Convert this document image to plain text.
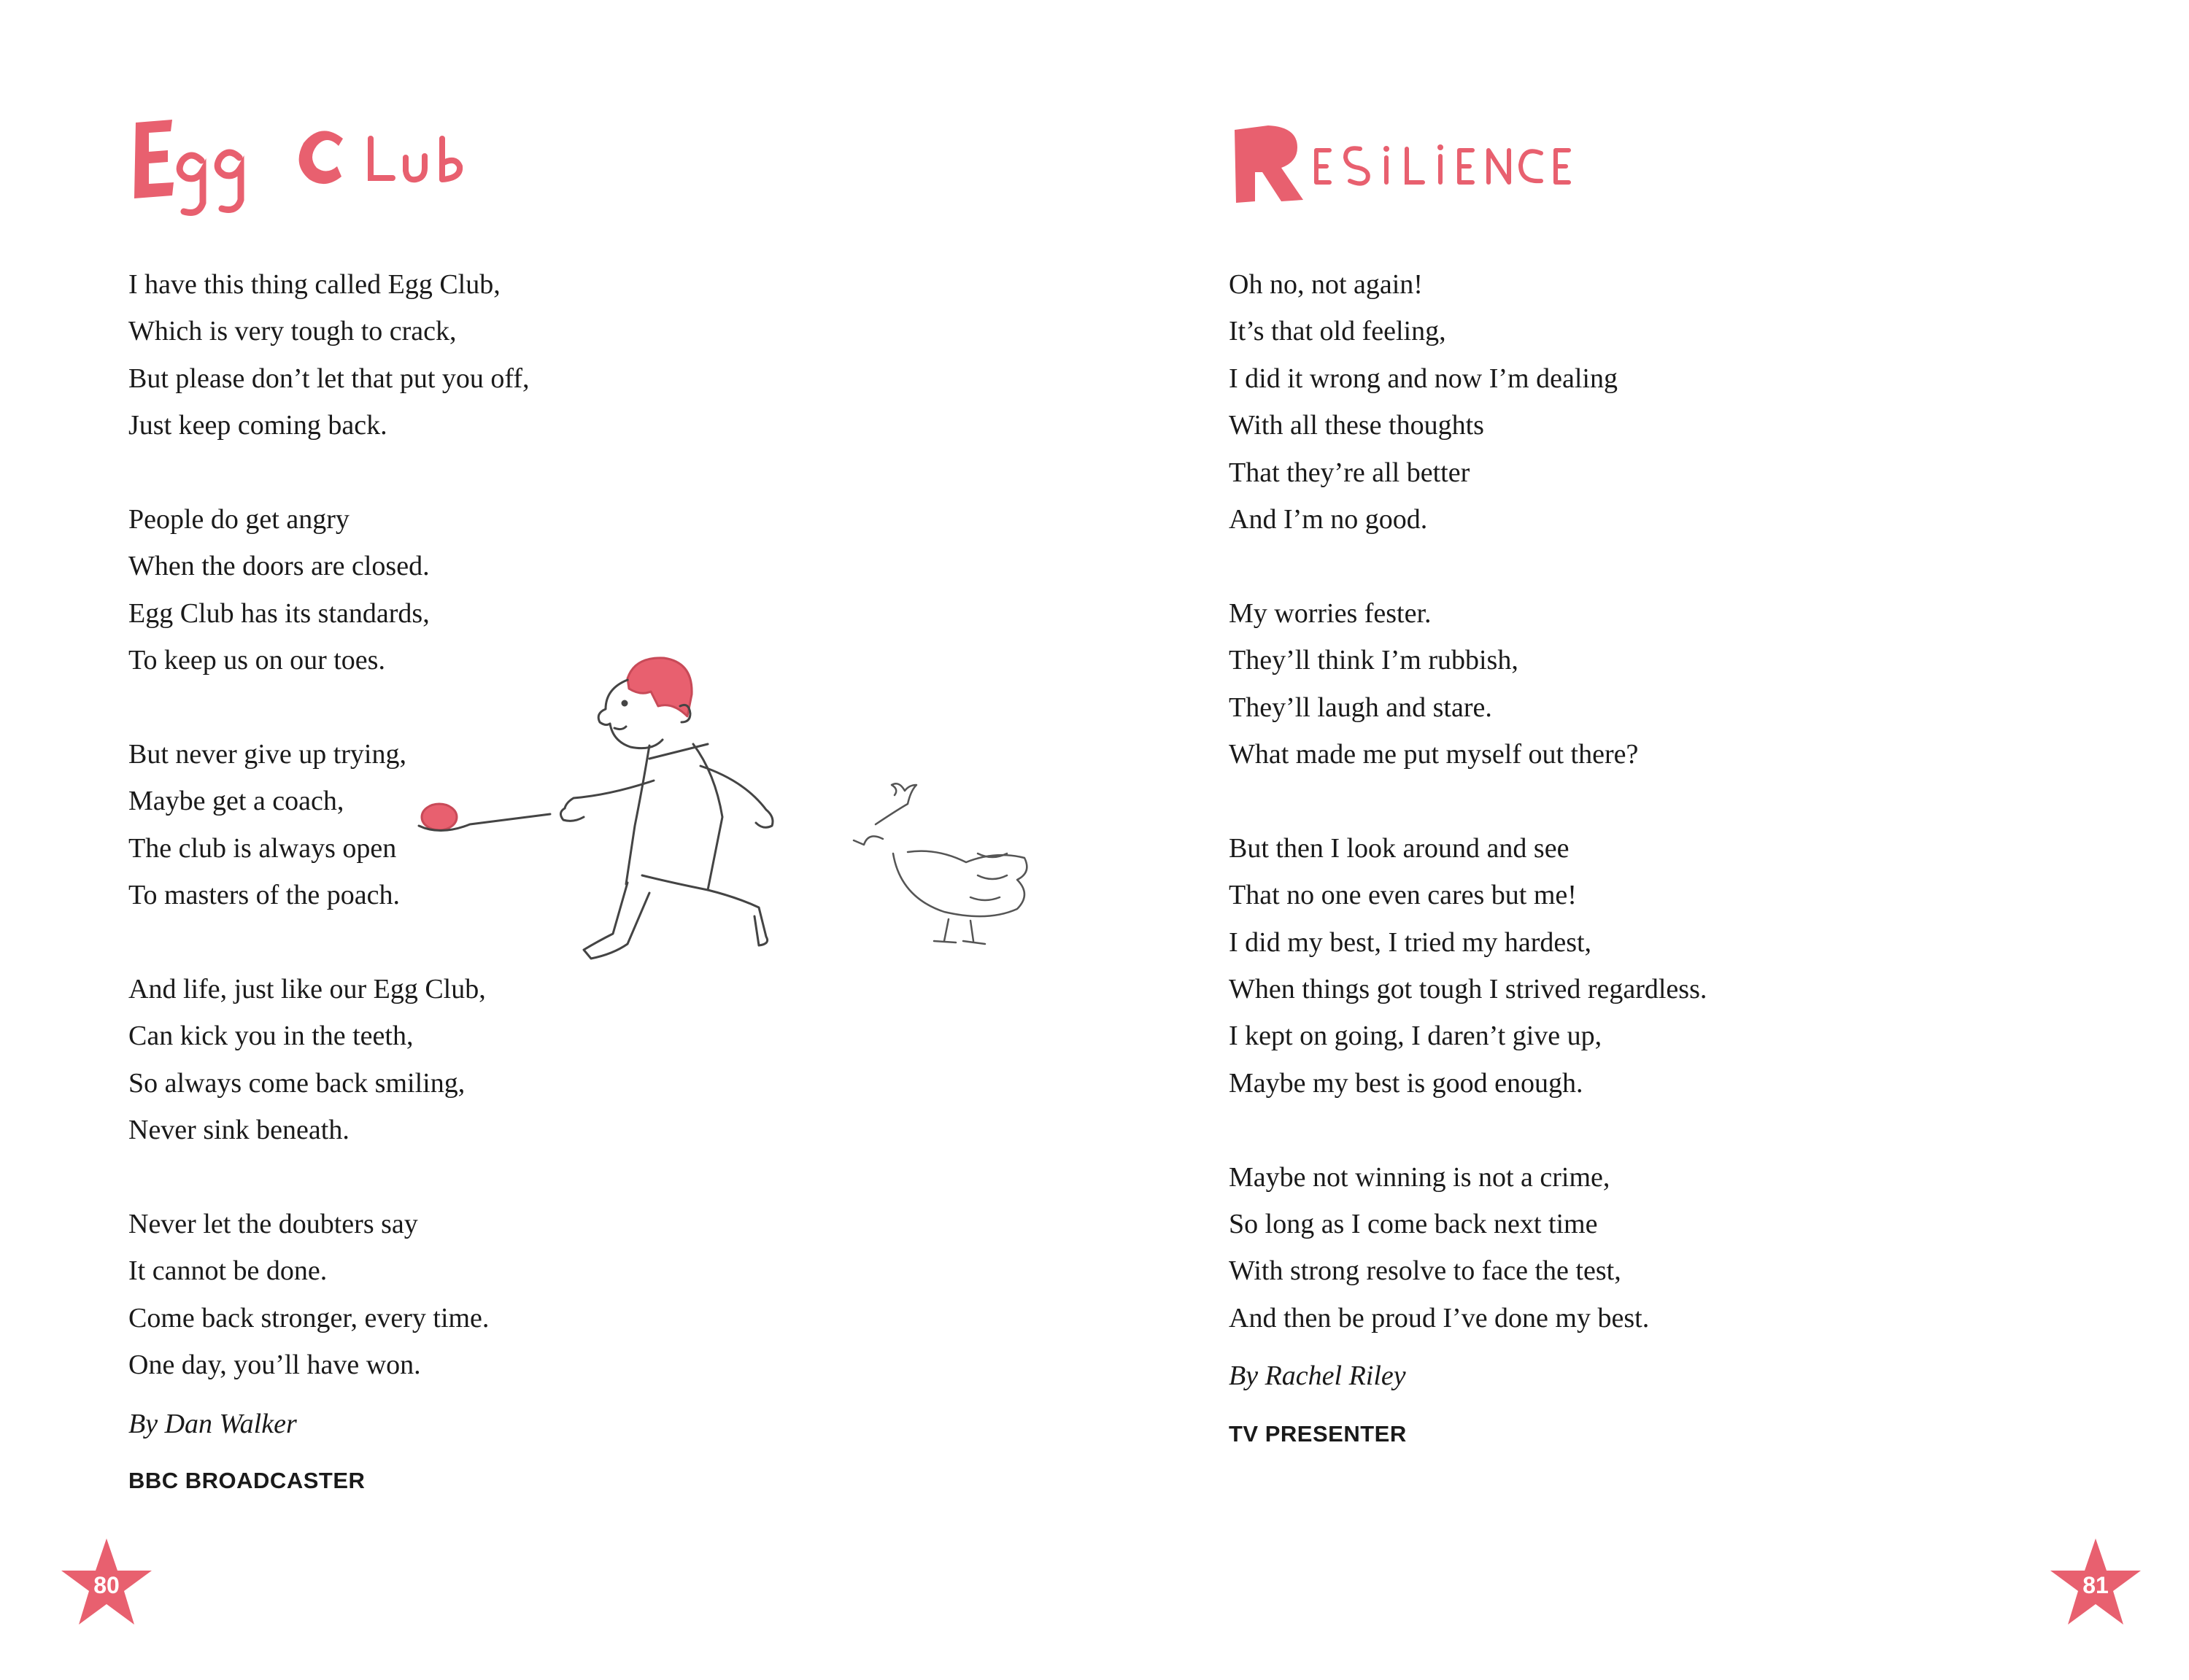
I have this thing called Egg Club,
Which is very tough to crack,
But please don’t let that put you off,
Just keep coming back.
People do get angry
When the doors are closed.
Egg Club has its standards,
To keep us on our toes.
But never give up trying,
Maybe get a coach,
The club is always open
To masters of the poach.
And life, just like our Egg Club,
Can kick you in the teeth,
So always come back smiling,
Never sink beneath.
Never let the doubters say
It cannot be done.
Come back stronger, every time.
One day, you’ll have won.
By Dan Walker
BBC BROADCASTER
80
Oh no, not again!
It’s that old feeling,
I did it wrong and now I’m dealing
With all these thoughts
That they’re all better
And I’m no good.
My worries fester.
They’ll think I’m rubbish,
They’ll laugh and stare.
What made me put myself out there?
But then I look around and see
That no one even cares but me!
I did my best, I tried my hardest,
When things got tough I strived regardless.
I kept on going, I daren’t give up,
Maybe my best is good enough.
Maybe not winning is not a crime,
So long as I come back next time
With strong resolve to face the test,
And then be proud I’ve done my best.
By Rachel Riley
TV PRESENTER
81
